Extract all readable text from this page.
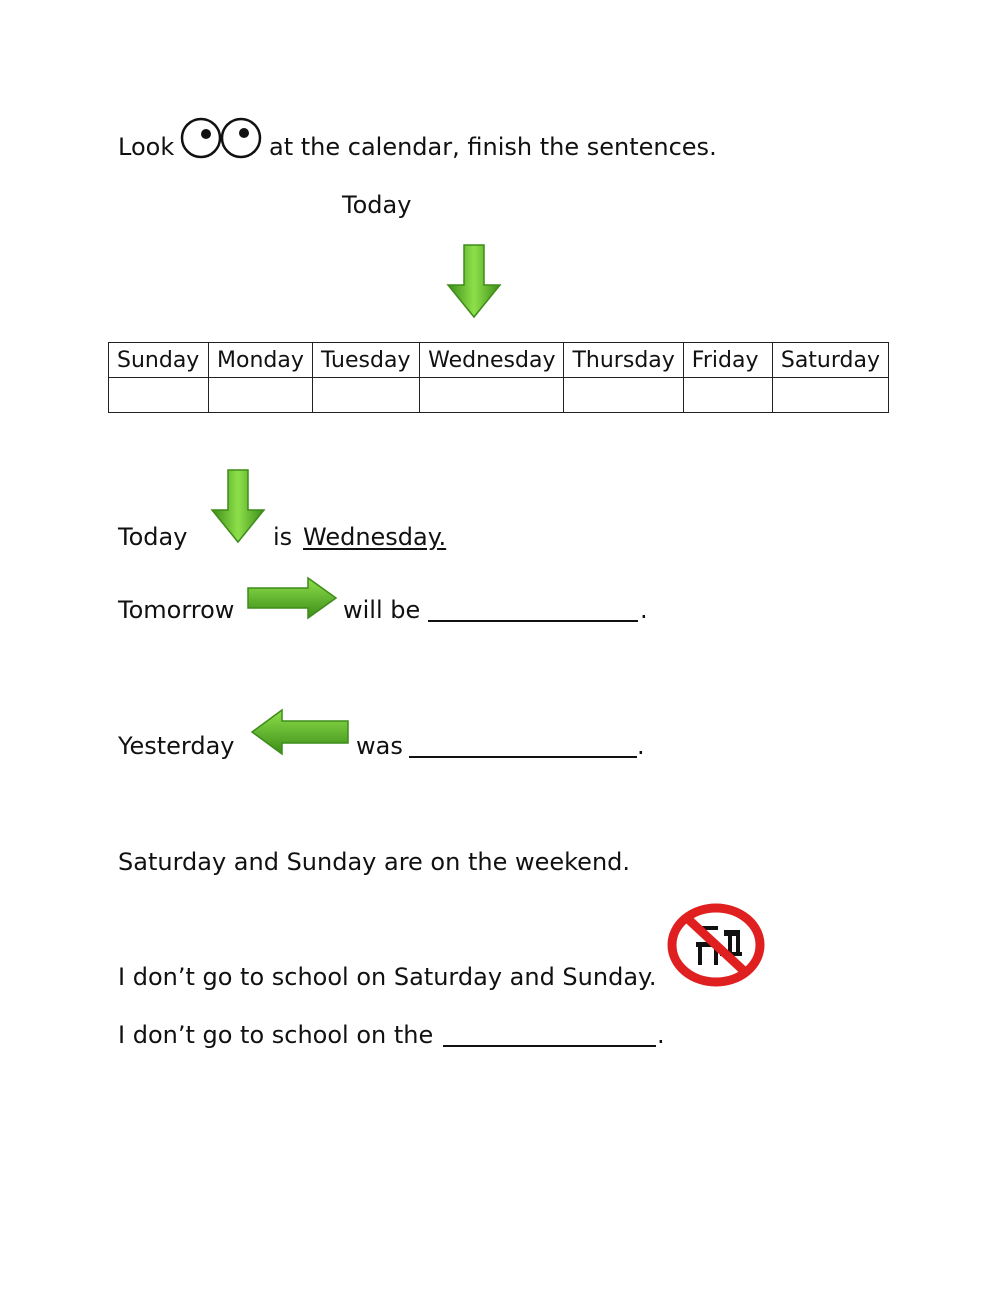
Look	at the calendar, finish the sentences.
Today
Sunday	Monday	Tuesday	Wednesday	Thursday	Friday	Saturday

Today	is Wednesday.
Tomorrow	will be	.
Yesterday	was	.
Saturday and Sunday are on the weekend.
I don’t go to school on Saturday and Sunday.
I don’t go to school on the	.
